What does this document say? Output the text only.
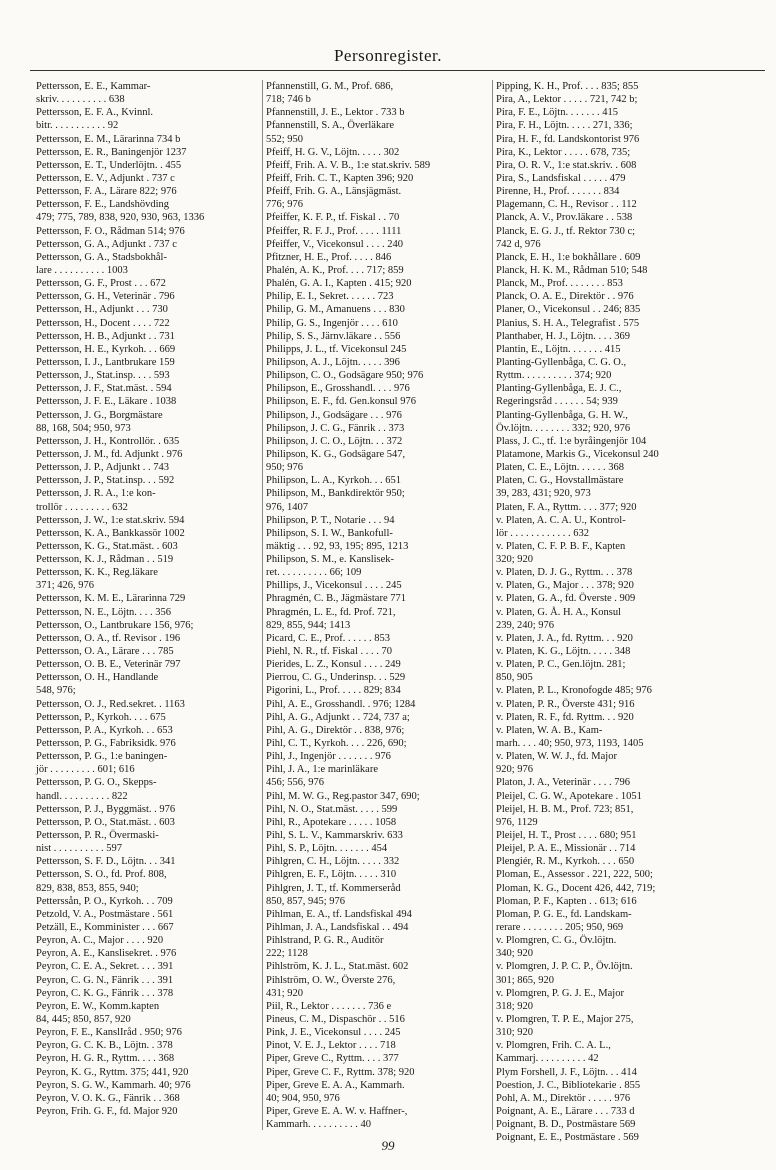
Personregister.
Pettersson, E. E., Kammar-
skriv. . . . . . . . . . 638
Pettersson, E. F. A., Kvinnl.
bitr. . . . . . . . . . . 92
Pettersson, E. M., Lärarinna 734 b
Pettersson, E. R., Baningenjör 1237
Pettersson, E. T., Underlöjtn. . 455
Pettersson, E. V., Adjunkt . 737 c
Pettersson, F. A., Lärare 822; 976
Pettersson, F. E., Landshövding
479; 775, 789, 838, 920, 930, 963, 1336
Pettersson, F. O., Rådman 514; 976
Pettersson, G. A., Adjunkt . 737 c
Pettersson, G. A., Stadsbokhål-
lare . . . . . . . . . . 1003
Pettersson, G. F., Prost . . . 672
Pettersson, G. H., Veterinär . 796
Pettersson, H., Adjunkt . . . 730
Pettersson, H., Docent . . . . 722
Pettersson, H. B., Adjunkt . . 731
Pettersson, H. E., Kyrkoh. . . 669
Pettersson, I. J., Lantbrukare 159
Pettersson, J., Stat.insp. . . . 593
Pettersson, J. F., Stat.mäst. . 594
Pettersson, J. F. E., Läkare . 1038
Pettersson, J. G., Borgmästare
88, 168, 504; 950, 973
Pettersson, J. H., Kontrollör. . 635
Pettersson, J. M., fd. Adjunkt . 976
Pettersson, J. P., Adjunkt . . 743
Pettersson, J. P., Stat.insp. . . 592
Pettersson, J. R. A., 1:e kon-
trollör . . . . . . . . . 632
Pettersson, J. W., 1:e stat.skriv. 594
Pettersson, K. A., Bankkassör 1002
Pettersson, K. G., Stat.mäst. . 603
Pettersson, K. J., Rådman . . 519
Pettersson, K. K., Reg.läkare
371; 426, 976
Pettersson, K. M. E., Lärarinna 729
Pettersson, N. E., Löjtn. . . . 356
Pettersson, O., Lantbrukare 156, 976;
Pettersson, O. A., tf. Revisor . 196
Pettersson, O. A., Lärare . . . 785
Pettersson, O. B. E., Veterinär 797
Pettersson, O. H., Handlande
548, 976;
Pettersson, O. J., Red.sekret. . 1163
Pettersson, P., Kyrkoh. . . . 675
Pettersson, P. A., Kyrkoh. . . 653
Pettersson, P. G., Fabriksidk. 976
Pettersson, P. G., 1:e baningen-
jör . . . . . . . . . 601; 616
Pettersson, P. G. O., Skepps-
handl. . . . . . . . . . 822
Pettersson, P. J., Byggmäst. . 976
Pettersson, P. O., Stat.mäst. . 603
Pettersson, P. R., Övermaski-
nist . . . . . . . . . . 597
Pettersson, S. F. D., Löjtn. . . 341
Pettersson, S. O., fd. Prof. 808,
829, 838, 853, 855, 940;
Petterssån, P. O., Kyrkoh. . . 709
Petzold, V. A., Postmästare . 561
Petzäll, E., Komminister . . . 667
Peyron, A. C., Major . . . . 920
Peyron, A. E., Kanslisekret. . 976
Peyron, C. E. A., Sekret. . . . 391
Peyron, C. G. N., Fänrik . . . 391
Peyron, C. K. G., Fänrik . . . 378
Peyron, E. W., Komm.kapten
84, 445; 850, 857, 920
Peyron, F. E., KanslIråd . 950; 976
Peyron, G. C. K. B., Löjtn. . 378
Peyron, H. G. R., Ryttm. . . . 368
Peyron, K. G., Ryttm. 375; 441, 920
Peyron, S. G. W., Kammarh. 40; 976
Peyron, V. O. K. G., Fänrik . . 368
Peyron, Frih. G. F., fd. Major 920
Pfannenstill, G. M., Prof. 686,
718; 746 b
Pfannenstill, J. E., Lektor . 733 b
Pfannenstill, S. A., Överläkare
552; 950
Pfeiff, H. G. V., Löjtn. . . . . 302
Pfeiff, Frih. A. V. B., 1:e stat.skriv. 589
Pfeiff, Frih. C. T., Kapten 396; 920
Pfeiff, Frih. G. A., Länsjägmäst.
776; 976
Pfeiffer, K. F. P., tf. Fiskal . . 70
Pfeiffer, R. F. J., Prof. . . . . 1111
Pfeiffer, V., Vicekonsul . . . . 240
Pfitzner, H. E., Prof. . . . . 846
Phalén, A. K., Prof. . . . 717; 859
Phalén, G. A. I., Kapten . 415; 920
Philip, E. I., Sekret. . . . . . 723
Philip, G. M., Amanuens . . . 830
Philip, G. S., Ingenjör . . . . 610
Philip, S. S., Järnv.läkare . . 556
Philipps, J. L., tf. Vicekonsul 245
Philipson, A. J., Löjtn. . . . . 396
Philipson, C. O., Godsägare 950; 976
Philipson, E., Grosshandl. . . . 976
Philipson, E. F., fd. Gen.konsul 976
Philipson, J., Godsägare . . . 976
Philipson, J. C. G., Fänrik . . 373
Philipson, J. C. O., Löjtn. . . 372
Philipson, K. G., Godsägare 547,
950; 976
Philipson, L. A., Kyrkoh. . . 651
Philipson, M., Bankdirektör 950;
976, 1407
Philipson, P. T., Notarie . . . 94
Philipson, S. I. W., Bankofull-
mäktig . . . 92, 93, 195; 895, 1213
Philipson, S. M., e. Kanslisek-
ret. . . . . . . . . . 66; 109
Phillips, J., Vicekonsul . . . . 245
Phragmén, C. B., Jägmästare 771
Phragmén, L. E., fd. Prof. 721,
829, 855, 944; 1413
Picard, C. E., Prof. . . . . . 853
Piehl, N. R., tf. Fiskal . . . . 70
Pierides, L. Z., Konsul . . . . 249
Pierrou, C. G., Underinsp. . . 529
Pigorini, L., Prof. . . . . 829; 834
Pihl, A. E., Grosshandl. . 976; 1284
Pihl, A. G., Adjunkt . . 724, 737 a;
Pihl, A. G., Direktör . . 838, 976;
Pihl, C. T., Kyrkoh. . . . 226, 690;
Pihl, J., Ingenjör . . . . . . . 976
Pihl, J. A., 1:e marinläkare
456; 556, 976
Pihl, M. W. G., Reg.pastor 347, 690;
Pihl, N. O., Stat.mäst. . . . . 599
Pihl, R., Apotekare . . . . . 1058
Pihl, S. L. V., Kammarskriv. 633
Pihl, S. P., Löjtn. . . . . . . 454
Pihlgren, C. H., Löjtn. . . . . 332
Pihlgren, E. F., Löjtn. . . . . 310
Pihlgren, J. T., tf. Kommerseråd
850, 857, 945; 976
Pihlman, E. A., tf. Landsfiskal 494
Pihlman, J. A., Landsfiskal . . 494
Pihlstrand, P. G. R., Auditör
222; 1128
Pihlström, K. J. L., Stat.mäst. 602
Pihlström, O. W., Överste 276,
431; 920
Piil, R., Lektor . . . . . . . 736 e
Pineus, C. M., Dispaschör . . 516
Pink, J. E., Vicekonsul . . . . 245
Pinot, V. E. J., Lektor . . . . 718
Piper, Greve C., Ryttm. . . . 377
Piper, Greve C. F., Ryttm. 378; 920
Piper, Greve E. A. A., Kammarh.
40; 904, 950, 976
Piper, Greve E. A. W. v. Haffner-,
Kammarh. . . . . . . . . . 40
Pipping, K. H., Prof. . . . 835; 855
Pira, A., Lektor . . . . . 721, 742 b;
Pira, F. E., Löjtn. . . . . . . 415
Pira, F. H., Löjtn. . . . . 271, 336;
Pira, H. F., fd. Landskontorist 976
Pira, K., Lektor . . . . . 678, 735;
Pira, O. R. V., 1:e stat.skriv. . 608
Pira, S., Landsfiskal . . . . . 479
Pirenne, H., Prof. . . . . . . 834
Plagemann, C. H., Revisor . . 112
Planck, A. V., Prov.läkare . . 538
Planck, E. G. J., tf. Rektor 730 c;
742 d, 976
Planck, E. H., 1:e bokhållare . 609
Planck, H. K. M., Rådman 510; 548
Planck, M., Prof. . . . . . . . 853
Planck, O. A. E., Direktör . . 976
Planer, O., Vicekonsul . . 246; 835
Planius, S. H. A., Telegrafist . 575
Planthaber, H. J., Löjtn. . . . 369
Plantin, E., Löjtn. . . . . . . 415
Planting-Gyllenbåga, C. G. O.,
Ryttm. . . . . . . . . . 374; 920
Planting-Gyllenbåga, E. J. C.,
Regeringsråd . . . . . . 54; 939
Planting-Gyllenbåga, G. H. W.,
Öv.löjtn. . . . . . . . 332; 920, 976
Plass, J. C., tf. 1:e byråingenjör 104
Platamone, Markis G., Vicekonsul 240
Platen, C. E., Löjtn. . . . . . 368
Platen, C. G., Hovstallmästare
39, 283, 431; 920, 973
Platen, F. A., Ryttm. . . . 377; 920
v. Platen, A. C. A. U., Kontrol-
lör . . . . . . . . . . . . 632
v. Platen, C. F. P. B. F., Kapten
320; 920
v. Platen, D. J. G., Ryttm. . . 378
v. Platen, G., Major . . . 378; 920
v. Platen, G. A., fd. Överste . 909
v. Platen, G. Å. H. A., Konsul
239, 240; 976
v. Platen, J. A., fd. Ryttm. . . 920
v. Platen, K. G., Löjtn. . . . . 348
v. Platen, P. C., Gen.löjtn. 281;
850, 905
v. Platen, P. L., Kronofogde 485; 976
v. Platen, P. R., Överste 431; 916
v. Platen, R. F., fd. Ryttm. . . 920
v. Platen, W. A. B., Kam-
marh. . . . 40; 950, 973, 1193, 1405
v. Platen, W. W. J., fd. Major
920; 976
Platon, J. A., Veterinär . . . . 796
Pleijel, C. G. W., Apotekare . 1051
Pleijel, H. B. M., Prof. 723; 851,
976, 1129
Pleijel, H. T., Prost . . . . 680; 951
Pleijel, P. A. E., Missionär . . 714
Plengiér, R. M., Kyrkoh. . . . 650
Ploman, E., Assessor . 221, 222, 500;
Ploman, K. G., Docent 426, 442, 719;
Ploman, P. F., Kapten . . 613; 616
Ploman, P. G. E., fd. Landskam-
rerare . . . . . . . . 205; 950, 969
v. Plomgren, C. G., Öv.löjtn.
340; 920
v. Plomgren, J. P. C. P., Öv.löjtn.
301; 865, 920
v. Plomgren, P. G. J. E., Major
318; 920
v. Plomgren, T. P. E., Major 275,
310; 920
v. Plomgren, Frih. C. A. L.,
Kammarj. . . . . . . . . . 42
Plym Forshell, J. F., Löjtn. . . 414
Poestion, J. C., Bibliotekarie . 855
Pohl, A. M., Direktör . . . . . 976
Poignant, A. E., Lärare . . . 733 d
Poignant, B. D., Postmästare 569
Poignant, E. E., Postmästare . 569
99
